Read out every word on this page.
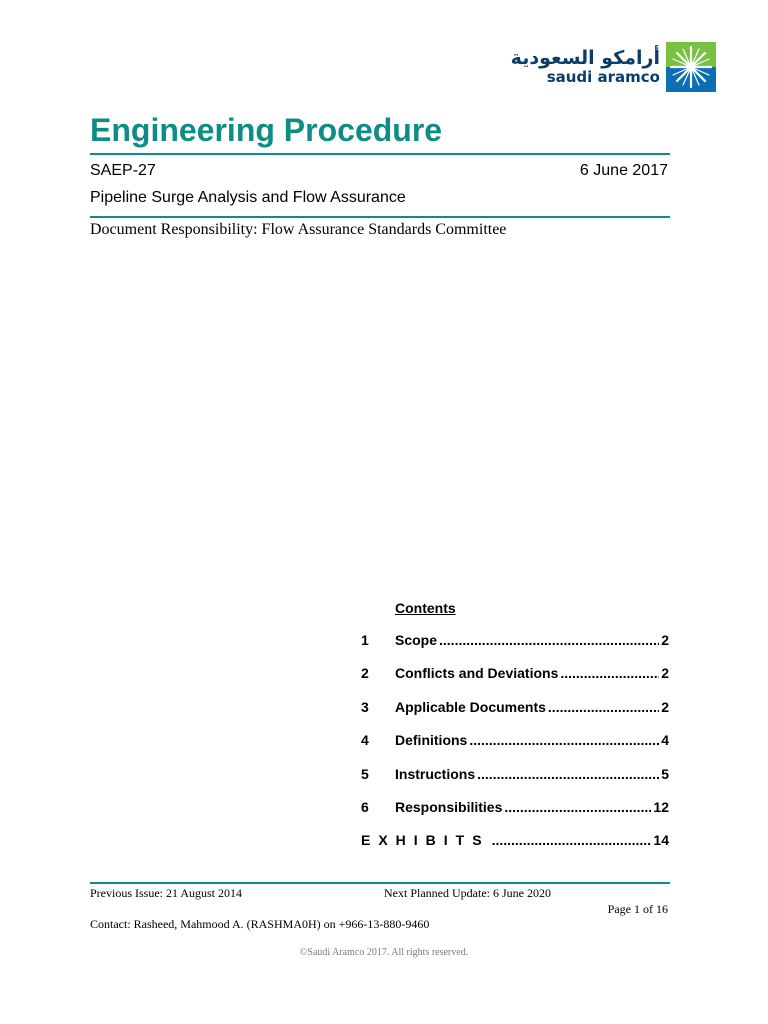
أرامكو السعودية
saudi aramco
Engineering Procedure
SAEP-27	6 June 2017
Pipeline Surge Analysis and Flow Assurance
Document Responsibility: Flow Assurance Standards Committee
Contents
1	Scope .....	2
2	Conflicts and Deviations .....	2
3	Applicable Documents .....	2
4	Definitions .....	4
5	Instructions .....	5
6	Responsibilities .....	12
EXHIBITS .....	14
Previous Issue: 21 August 2014	Next Planned Update: 6 June 2020
Page 1 of 16
Contact: Rasheed, Mahmood A. (RASHMA0H) on +966-13-880-9460
©Saudi Aramco 2017. All rights reserved.
